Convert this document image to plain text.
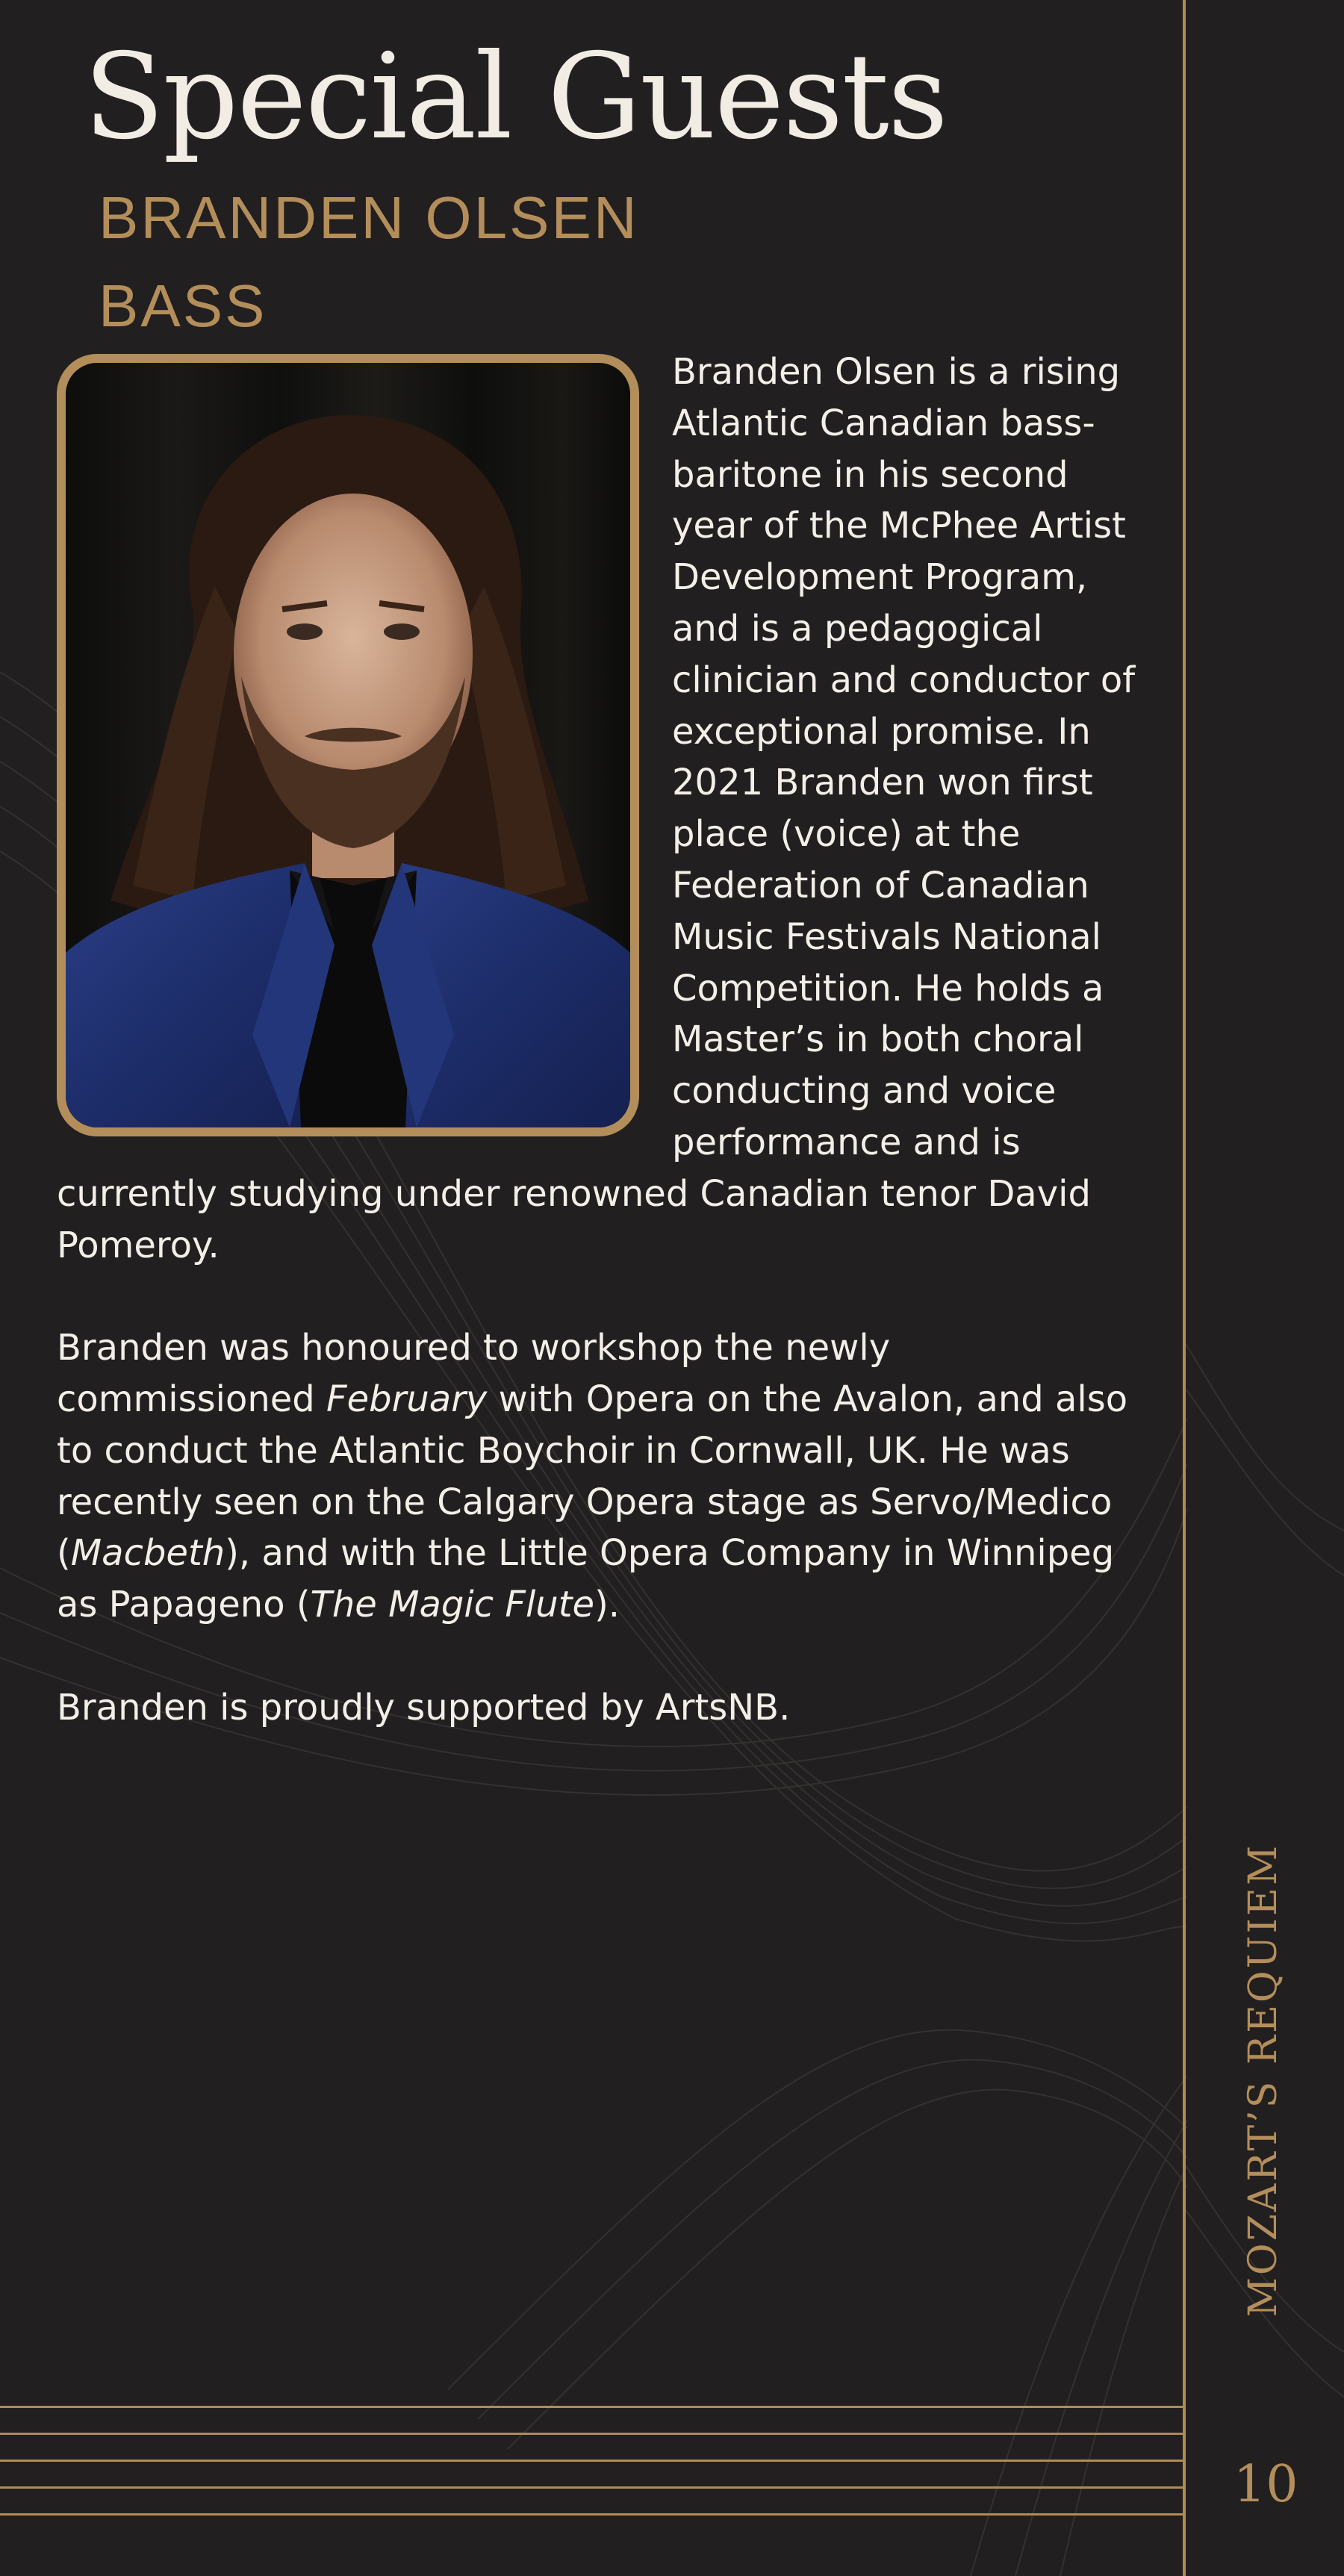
Special Guests
BRANDEN OLSEN
BASS

Branden Olsen is a rising Atlantic Canadian bass-baritone in his second year of the McPhee Artist Development Program, and is a pedagogical clinician and conductor of exceptional promise. In 2021 Branden won first place (voice) at the Federation of Canadian Music Festivals National Competition. He holds a Master’s in both choral conducting and voice performance and is currently studying under renowned Canadian tenor David Pomeroy.

Branden was honoured to workshop the newly commissioned February with Opera on the Avalon, and also to conduct the Atlantic Boychoir in Cornwall, UK. He was recently seen on the Calgary Opera stage as Servo/Medico (Macbeth), and with the Little Opera Company in Winnipeg as Papageno (The Magic Flute).

Branden is proudly supported by ArtsNB.

MOZART’S REQUIEM
10
